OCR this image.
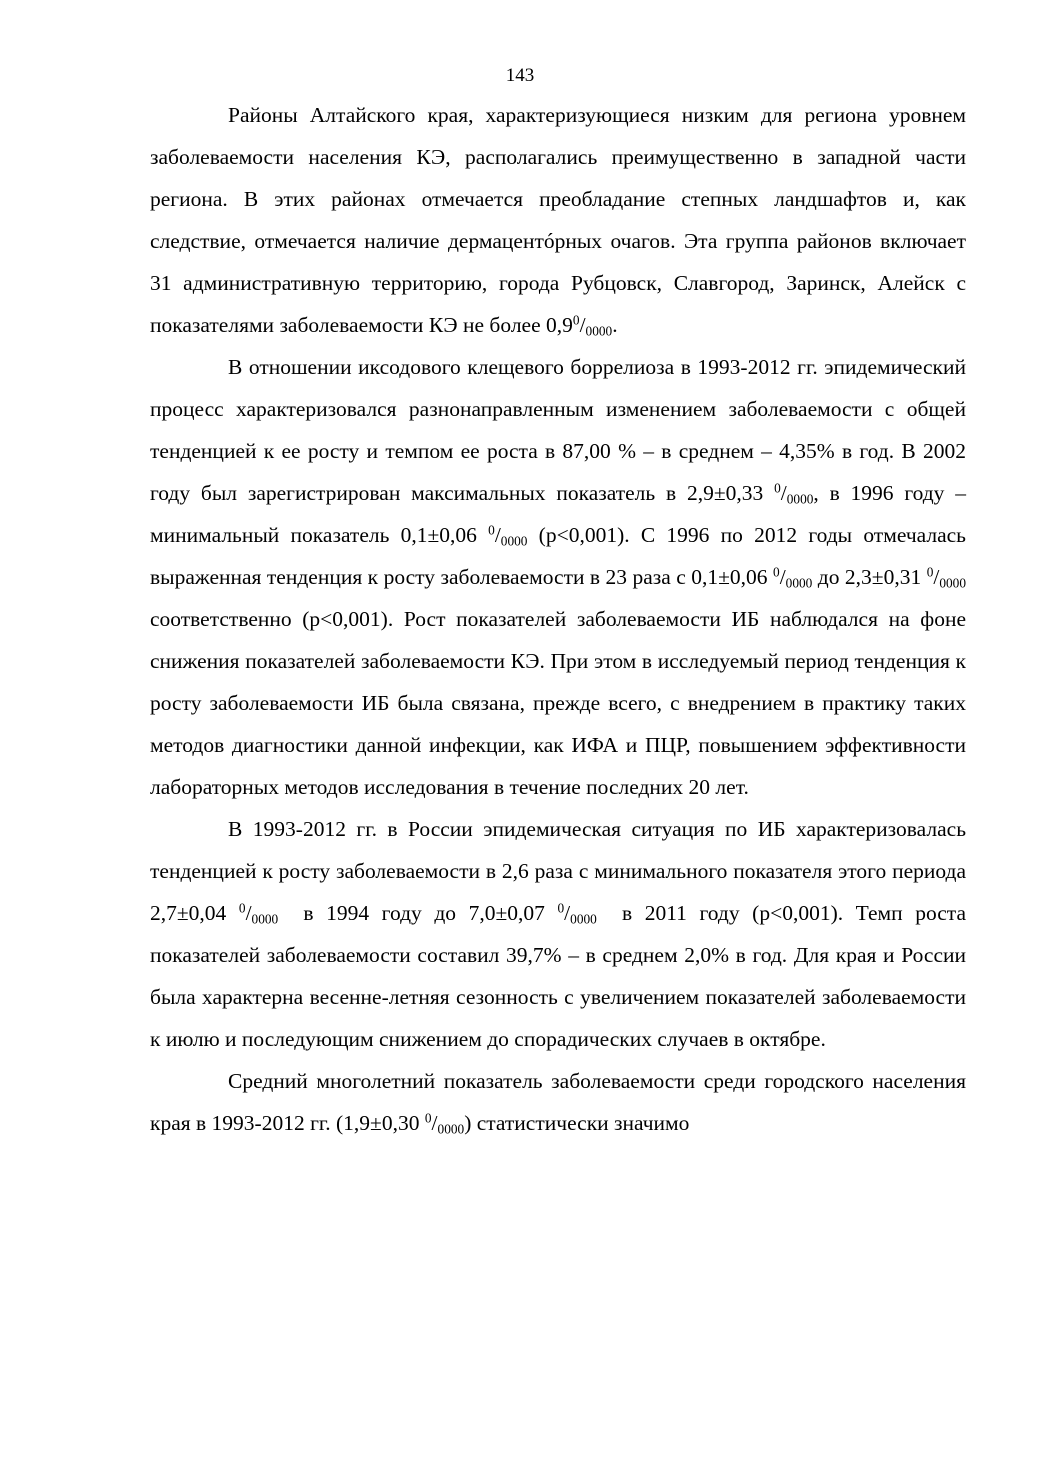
143

Районы Алтайского края, характеризующиеся низким для региона уровнем заболеваемости населения КЭ, располагались преимущественно в западной части региона. В этих районах отмечается преобладание степных ландшафтов и, как следствие, отмечается наличие дермацентóрных очагов. Эта группа районов включает 31 административную территорию, города Рубцовск, Славгород, Заринск, Алейск с показателями заболеваемости КЭ не более $0,9^0/_{0000}$.

В отношении иксодового клещевого боррелиоза в 1993-2012 гг. эпидемический процесс характеризовался разнонаправленным изменением заболеваемости с общей тенденцией к ее росту и темпом ее роста в 87,00 % – в среднем – 4,35% в год. В 2002 году был зарегистрирован максимальных показатель в 2,9±0,33 $^0/_{0000}$, в 1996 году – минимальный показатель 0,1±0,06 $^0/_{0000}$ (р<0,001). С 1996 по 2012 годы отмечалась выраженная тенденция к росту заболеваемости в 23 раза с 0,1±0,06 $^0/_{0000}$ до 2,3±0,31 $^0/_{0000}$ соответственно (р<0,001). Рост показателей заболеваемости ИБ наблюдался на фоне снижения показателей заболеваемости КЭ. При этом в исследуемый период тенденция к росту заболеваемости ИБ была связана, прежде всего, с внедрением в практику таких методов диагностики данной инфекции, как ИФА и ПЦР, повышением эффективности лабораторных методов исследования в течение последних 20 лет.

В 1993-2012 гг. в России эпидемическая ситуация по ИБ характеризовалась тенденцией к росту заболеваемости в 2,6 раза с минимального показателя этого периода 2,7±0,04 $^0/_{0000}$  в 1994 году до 7,0±0,07 $^0/_{0000}$  в 2011 году (р<0,001). Темп роста показателей заболеваемости составил 39,7% – в среднем 2,0% в год. Для края и России была характерна весенне-летняя сезонность с увеличением показателей заболеваемости к июлю и последующим снижением до спорадических случаев в октябре.

Средний многолетний показатель заболеваемости среди городского населения края в 1993-2012 гг. (1,9±0,30 $^0/_{0000}$) статистически значимо
